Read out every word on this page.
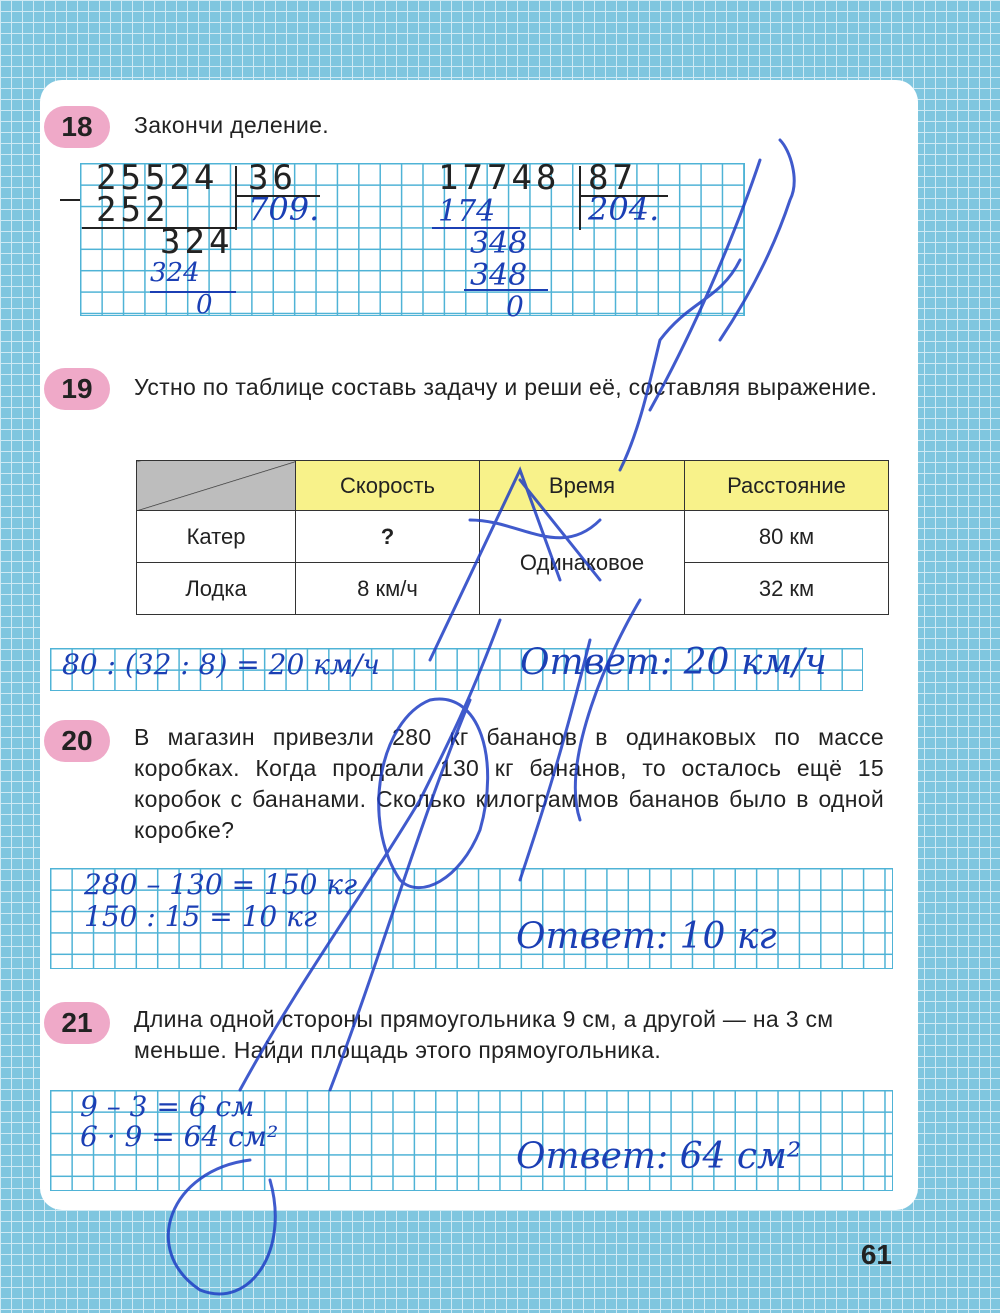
18	Закончи деление.
25524 36
252 709.
324
324
0
17748 87
174	204.
348
348
0
19	Устно по таблице составь задачу и реши её, составляя выражение.
	Скорость	Время	Расстояние
Катер	?	Одинаковое	80 км
Лодка	8 км/ч		32 км
80 : (32 : 8) = 20 км/ч	Ответ: 20 км/ч
20	В магазин привезли 280 кг бананов в одинаковых по массе коробках. Когда продали 130 кг бананов, то осталось ещё 15 коробок с бананами. Сколько килограммов бананов было в одной коробке?
280 – 130 = 150 кг
150 : 15 = 10 кг	Ответ: 10 кг
21	Длина одной стороны прямоугольника 9 см, а другой — на 3 см меньше. Найди площадь этого прямоугольника.
9 – 3 = 6 см
6 · 9 = 64 см²	Ответ: 64 см²
61
